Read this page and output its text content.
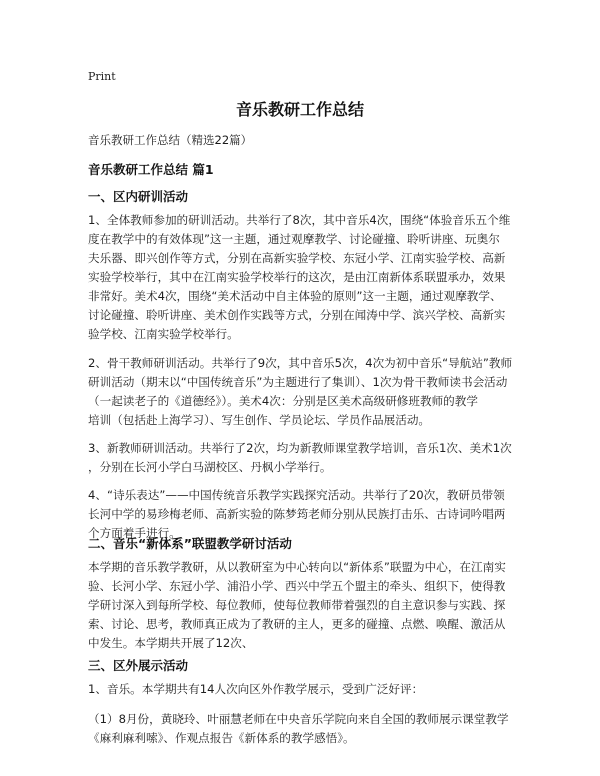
Print
音乐教研工作总结
音乐教研工作总结（精选22篇）
音乐教研工作总结 篇1
一、区内研训活动
1、全体教师参加的研训活动。共举行了8次，其中音乐4次，围绕“体验音乐五个维
度在教学中的有效体现”这一主题，通过观摩教学、讨论碰撞、聆听讲座、玩奥尔
夫乐器、即兴创作等方式，分别在高新实验学校、东冠小学、江南实验学校、高新
实验学校举行，其中在江南实验学校举行的这次，是由江南新体系联盟承办，效果
非常好。美术4次，围绕“美术活动中自主体验的原则”这一主题，通过观摩教学、
讨论碰撞、聆听讲座、美术创作实践等方式，分别在闻涛中学、滨兴学校、高新实
验学校、江南实验学校举行。
2、骨干教师研训活动。共举行了9次，其中音乐5次，4次为初中音乐“导航站”教师
研训活动（期末以“中国传统音乐”为主题进行了集训）、1次为骨干教师读书会活动
（一起读老子的《道德经》）。美术4次：分别是区美术高级研修班教师的教学
培训（包括赴上海学习）、写生创作、学员论坛、学员作品展活动。
3、新教师研训活动。共举行了2次，均为新教师课堂教学培训，音乐1次、美术1次
，分别在长河小学白马湖校区、丹枫小学举行。
4、“诗乐表达”——中国传统音乐教学实践探究活动。共举行了20次，教研员带领
长河中学的易珍梅老师、高新实验的陈梦筠老师分别从民族打击乐、古诗词吟唱两
个方面着手进行。
二、音乐“新体系”联盟教学研讨活动
本学期的音乐教学教研，从以教研室为中心转向以“新体系”联盟为中心，在江南实
验、长河小学、东冠小学、浦沿小学、西兴中学五个盟主的牵头、组织下，使得教
学研讨深入到每所学校、每位教师，使每位教师带着强烈的自主意识参与实践、探
索、讨论、思考，教师真正成为了教研的主人，更多的碰撞、点燃、唤醒、激活从
中发生。本学期共开展了12次、
三、区外展示活动
1、音乐。本学期共有14人次向区外作教学展示，受到广泛好评：
（1）8月份，黄晓玲、叶丽慧老师在中央音乐学院向来自全国的教师展示课堂教学
《麻利麻利嗦》、作观点报告《新体系的教学感悟》。
